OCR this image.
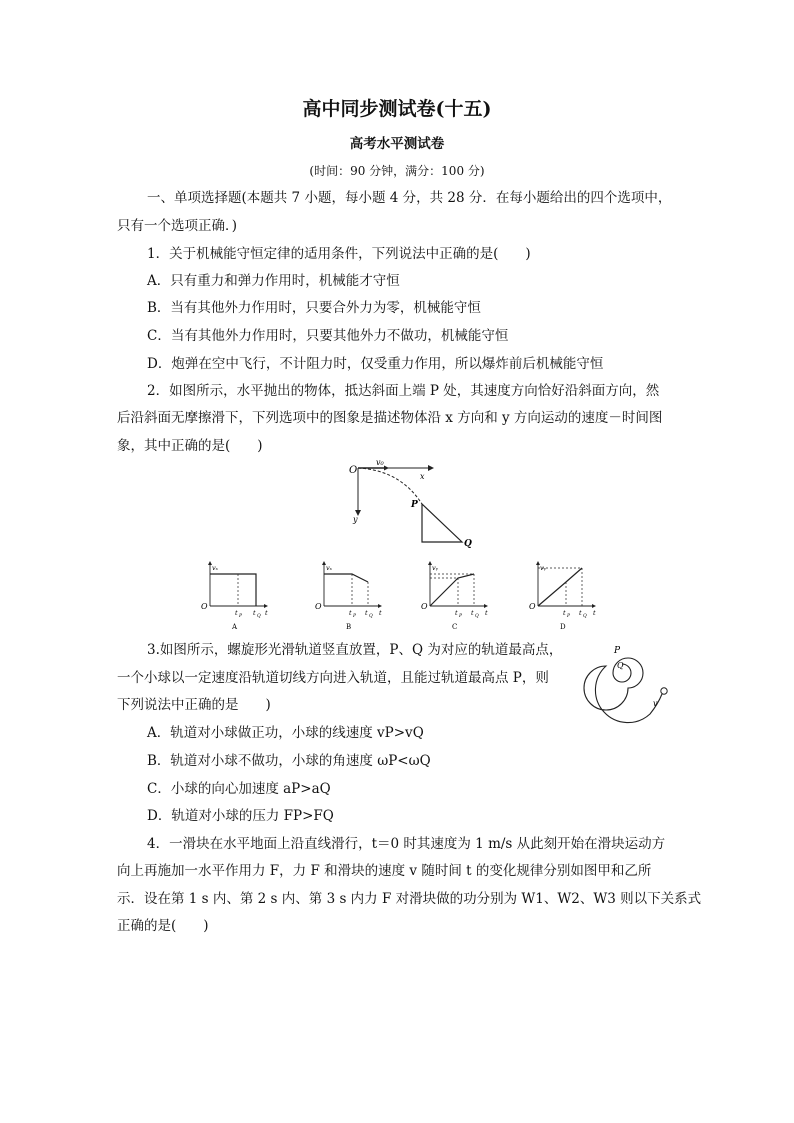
高中同步测试卷(十五)
高考水平测试卷
(时间：90 分钟，满分：100 分)
一、单项选择题(本题共 7 小题，每小题 4 分，共 28 分．在每小题给出的四个选项中，
只有一个选项正确．)
1．关于机械能守恒定律的适用条件，下列说法中正确的是(　　)
A．只有重力和弹力作用时，机械能才守恒
B．当有其他外力作用时，只要合外力为零，机械能守恒
C．当有其他外力作用时，只要其他外力不做功，机械能守恒
D．炮弹在空中飞行，不计阻力时，仅受重力作用，所以爆炸前后机械能守恒
2．如图所示，水平抛出的物体，抵达斜面上端 P 处，其速度方向恰好沿斜面方向，然
后沿斜面无摩擦滑下，下列选项中的图象是描述物体沿 x 方向和 y 方向运动的速度－时间图
象，其中正确的是(　　)
O
v₀
x
y
P
Q
vₓ
O
t P t Q t
A
vₓ
O
t P t Q t
B
vᵧ
O
t P t Q t
C
vᵧ
O
t P t Q t
D
3.如图所示，螺旋形光滑轨道竖直放置，P、Q 为对应的轨道最高点，
一个小球以一定速度沿轨道切线方向进入轨道，且能过轨道最高点 P，则
下列说法中正确的是　　)
P
Q
v
A．轨道对小球做正功，小球的线速度 vP>vQ
B．轨道对小球不做功，小球的角速度 ωP<ωQ
C．小球的向心加速度 aP>aQ
D．轨道对小球的压力 FP>FQ
4．一滑块在水平地面上沿直线滑行，t＝0 时其速度为 1 m/s 从此刻开始在滑块运动方
向上再施加一水平作用力 F，力 F 和滑块的速度 v 随时间 t 的变化规律分别如图甲和乙所
示．设在第 1 s 内、第 2 s 内、第 3 s 内力 F 对滑块做的功分别为 W1、W2、W3 则以下关系式
正确的是(　　)
